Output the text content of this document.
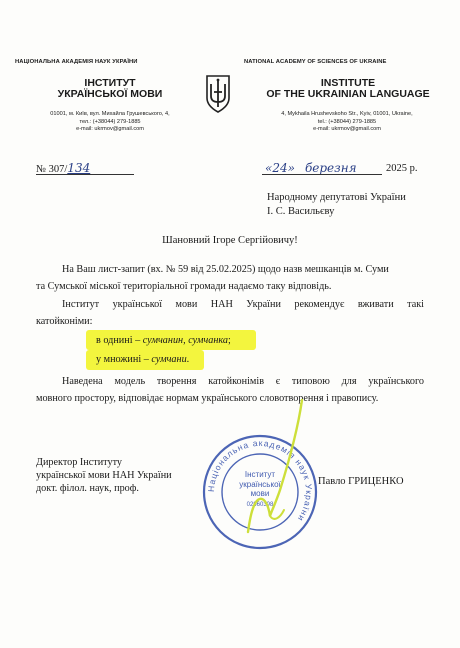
НАЦІОНАЛЬНА АКАДЕМІЯ НАУК УКРАЇНИ	NATIONAL ACADEMY OF SCIENCES OF UKRAINE
ІНСТИТУТ
УКРАЇНСЬКОЇ МОВИ
INSTITUTE
OF THE UKRAINIAN LANGUAGE
01001, м. Київ, вул. Михайла Грушевського, 4,
тел.: (+38044) 279-1885
e-mail: ukrmov@gmail.com
4, Mykhaila Hrushevskoho Str., Kyiv, 01001, Ukraine,
tel.: (+38044) 279-1885
e-mail: ukrmov@gmail.com
№ 307/134	«24» березня	2025 р.
Народному депутатові України
І. С. Васильєву
Шановний Ігоре Сергійовичу!
На Ваш лист-запит (вх. № 59 від 25.02.2025) щодо назв мешканців м. Суми
та Сумської міської територіальної громади надаємо таку відповідь.
Інститут української мови НАН України рекомендує вживати такі
катойконіми:
в однині – сумчанин, сумчанка;
у множині – сумчани.
Наведена модель творення катойконімів є типовою для українського
мовного простору, відповідає нормам українського словотворення і правопису.
Директор Інституту
української мови НАН України
докт. філол. наук, проф.	Національна академія наук України
Інститут
української
мови
02960398
Павло ГРИЦЕНКО
